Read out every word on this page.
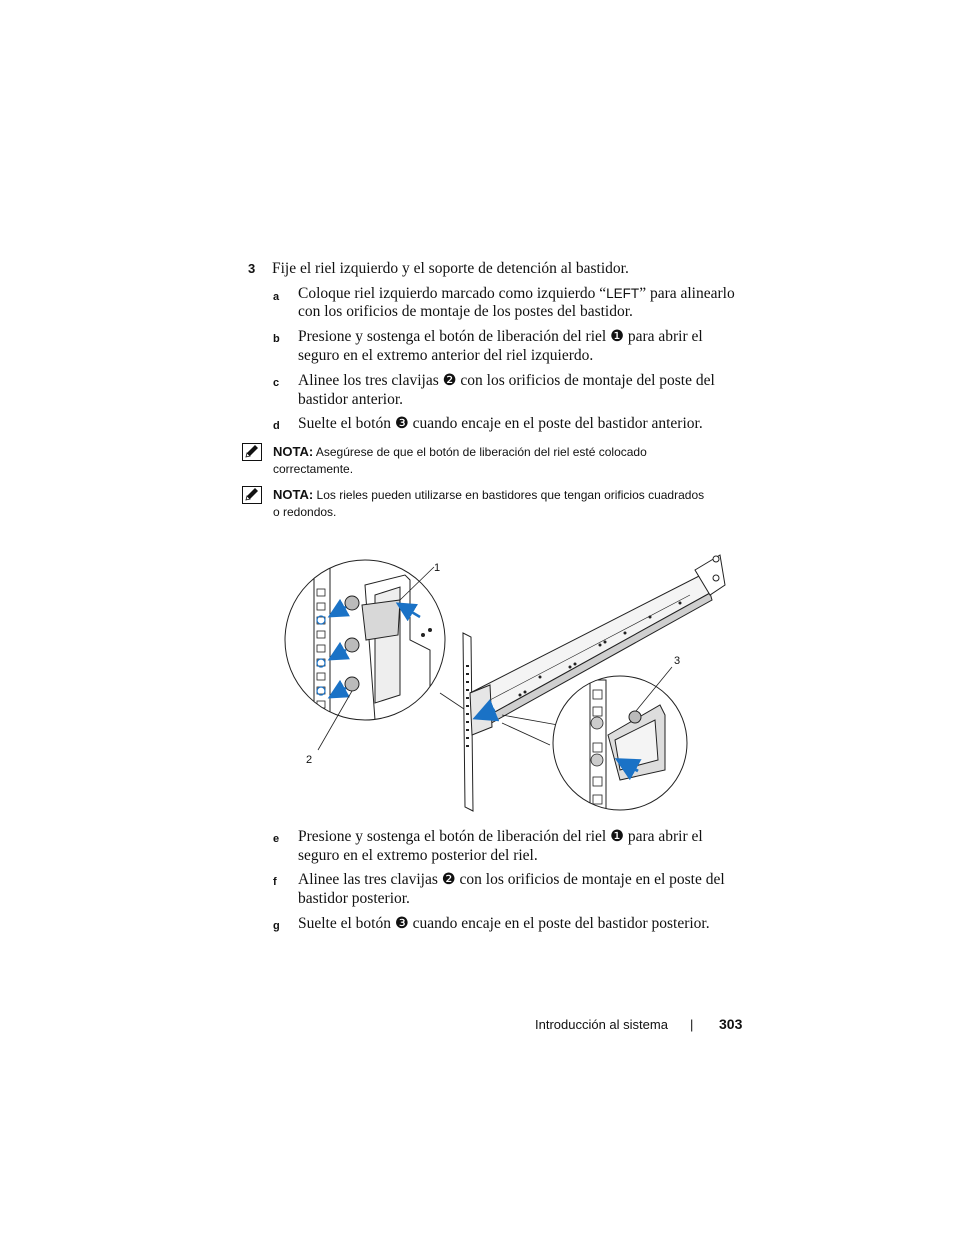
3 Fije el riel izquierdo y el soporte de detención al bastidor.
a Coloque riel izquierdo marcado como izquierdo “LEFT” para alinearlo
con los orificios de montaje de los postes del bastidor.
b Presione y sostenga el botón de liberación del riel ❶ para abrir el
seguro en el extremo anterior del riel izquierdo.
c Alinee los tres clavijas ❷ con los orificios de montaje del poste del
bastidor anterior.
d Suelte el botón ❸ cuando encaje en el poste del bastidor anterior.
NOTA: Asegúrese de que el botón de liberación del riel esté colocado
correctamente.
NOTA: Los rieles pueden utilizarse en bastidores que tengan orificios cuadrados
o redondos.
1
2
3
e Presione y sostenga el botón de liberación del riel ❶ para abrir el
seguro en el extremo posterior del riel.
f Alinee las tres clavijas ❷ con los orificios de montaje en el poste del
bastidor posterior.
g Suelte el botón ❸ cuando encaje en el poste del bastidor posterior.
Introducción al sistema | 303
